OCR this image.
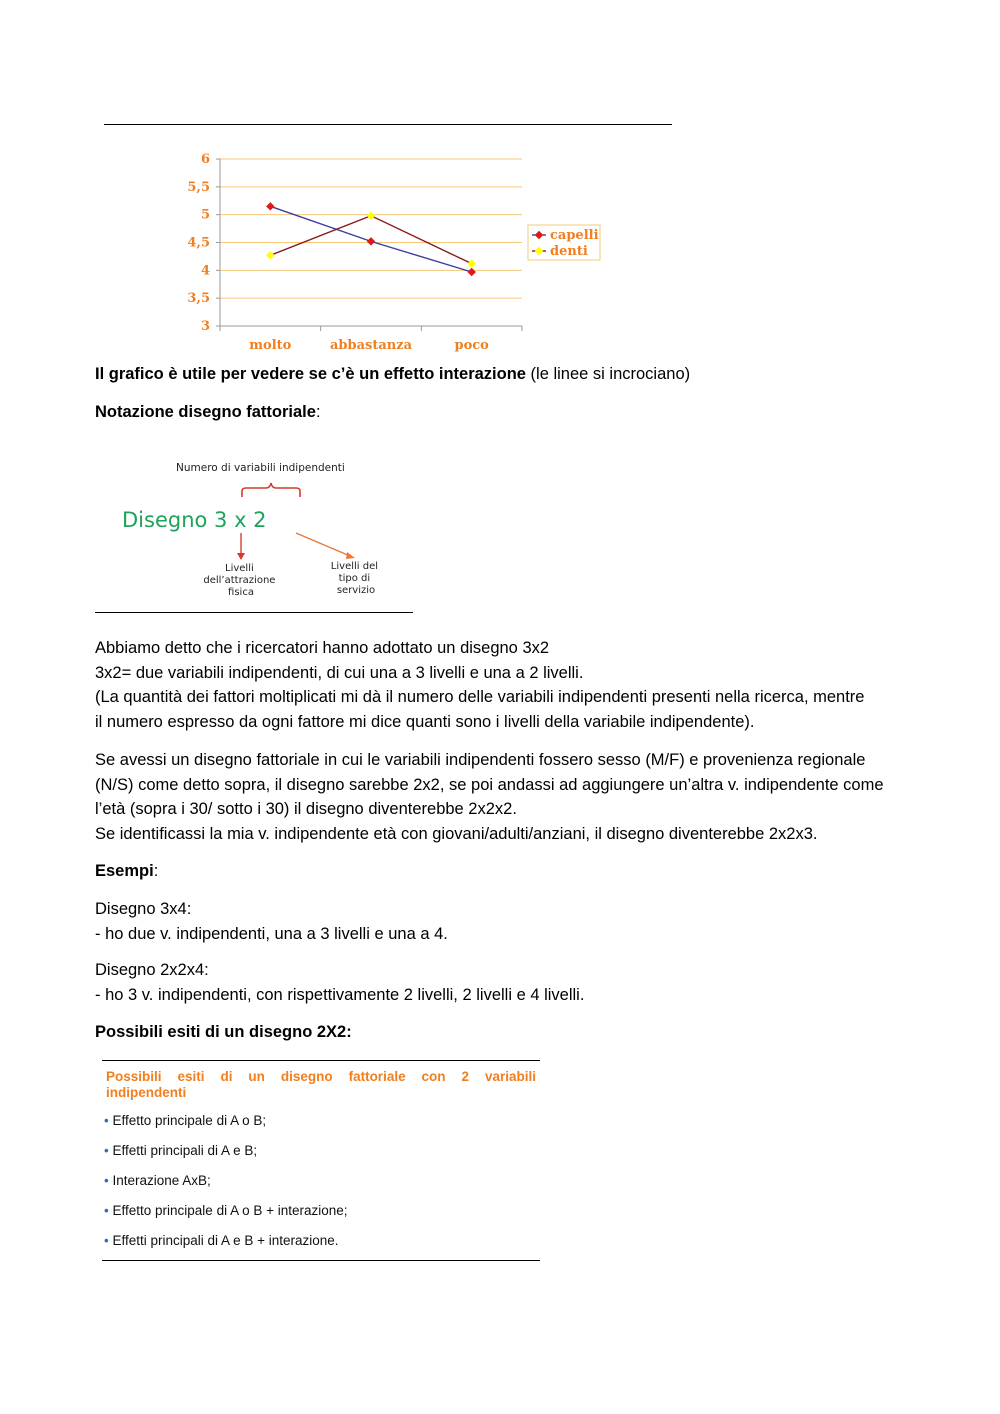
6
5,5
5
4,5
4
3,5
3
molto	abbastanza	poco
capelli
denti
Il grafico è utile per vedere se c’è un effetto interazione (le linee si incrociano)
Notazione disegno fattoriale:
Numero di variabili indipendenti
Disegno 3 x 2
Livelli dell’attrazione fisica
Livelli del tipo di servizio
Abbiamo detto che i ricercatori hanno adottato un disegno 3x2
3x2= due variabili indipendenti, di cui una a 3 livelli e una a 2 livelli.
(La quantità dei fattori moltiplicati mi dà il numero delle variabili indipendenti presenti nella ricerca, mentre
il numero espresso da ogni fattore mi dice quanti sono i livelli della variabile indipendente).
Se avessi un disegno fattoriale in cui le variabili indipendenti fossero sesso (M/F) e provenienza regionale
(N/S) come detto sopra, il disegno sarebbe 2x2, se poi andassi ad aggiungere un’altra v. indipendente come
l’età (sopra i 30/ sotto i 30) il disegno diventerebbe 2x2x2.
Se identificassi la mia v. indipendente età con giovani/adulti/anziani, il disegno diventerebbe 2x2x3.
Esempi:
Disegno 3x4:
- ho due v. indipendenti, una a 3 livelli e una a 4.
Disegno 2x2x4:
- ho 3 v. indipendenti, con rispettivamente 2 livelli, 2 livelli e 4 livelli.
Possibili esiti di un disegno 2X2:
Possibili esiti di un disegno fattoriale con 2 variabili
indipendenti
• Effetto principale di A o B;
• Effetti principali di A e B;
• Interazione AxB;
• Effetto principale di A o B + interazione;
• Effetti principali di A e B + interazione.
